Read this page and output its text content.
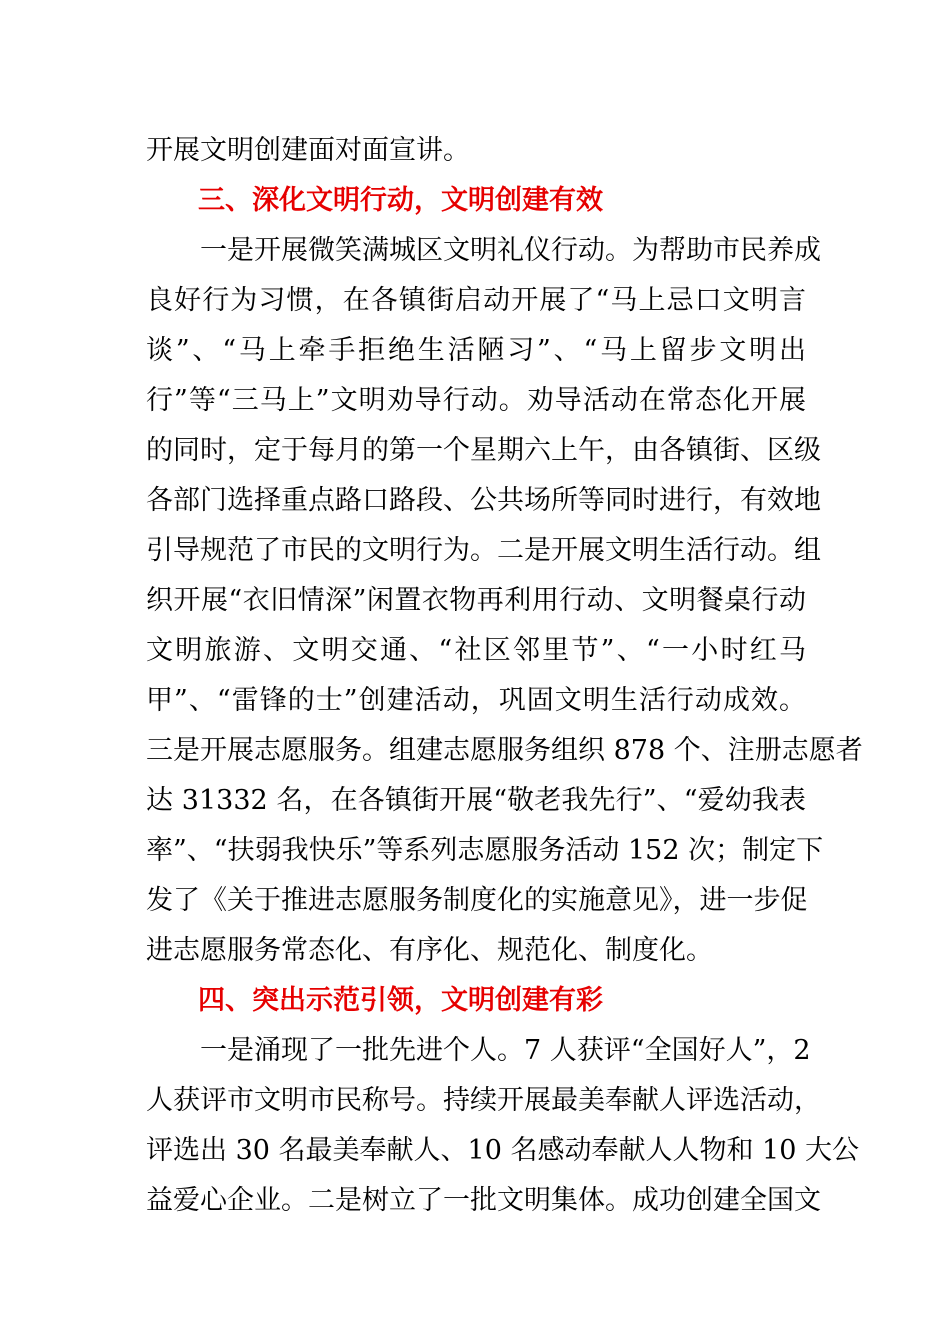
开展文明创建面对面宣讲。
三、深化文明行动，文明创建有效
一是开展微笑满城区文明礼仪行动。为帮助市民养成
良好行为习惯，在各镇街启动开展了“马上忌口文明言
谈”、“马上牵手拒绝生活陋习”、“马上留步文明出
行”等“三马上”文明劝导行动。劝导活动在常态化开展
的同时，定于每月的第一个星期六上午，由各镇街、区级
各部门选择重点路口路段、公共场所等同时进行，有效地
引导规范了市民的文明行为。二是开展文明生活行动。组
织开展“衣旧情深”闲置衣物再利用行动、文明餐桌行动
文明旅游、文明交通、“社区邻里节”、“一小时红马
甲”、“雷锋的士”创建活动，巩固文明生活行动成效。
三是开展志愿服务。组建志愿服务组织 878 个、注册志愿者
达 31332 名，在各镇街开展“敬老我先行”、“爱幼我表
率”、“扶弱我快乐”等系列志愿服务活动 152 次；制定下
发了《关于推进志愿服务制度化的实施意见》，进一步促
进志愿服务常态化、有序化、规范化、制度化。
四、突出示范引领，文明创建有彩
一是涌现了一批先进个人。7 人获评“全国好人”，2
人获评市文明市民称号。持续开展最美奉献人评选活动，
评选出 30 名最美奉献人、10 名感动奉献人人物和 10 大公
益爱心企业。二是树立了一批文明集体。成功创建全国文
